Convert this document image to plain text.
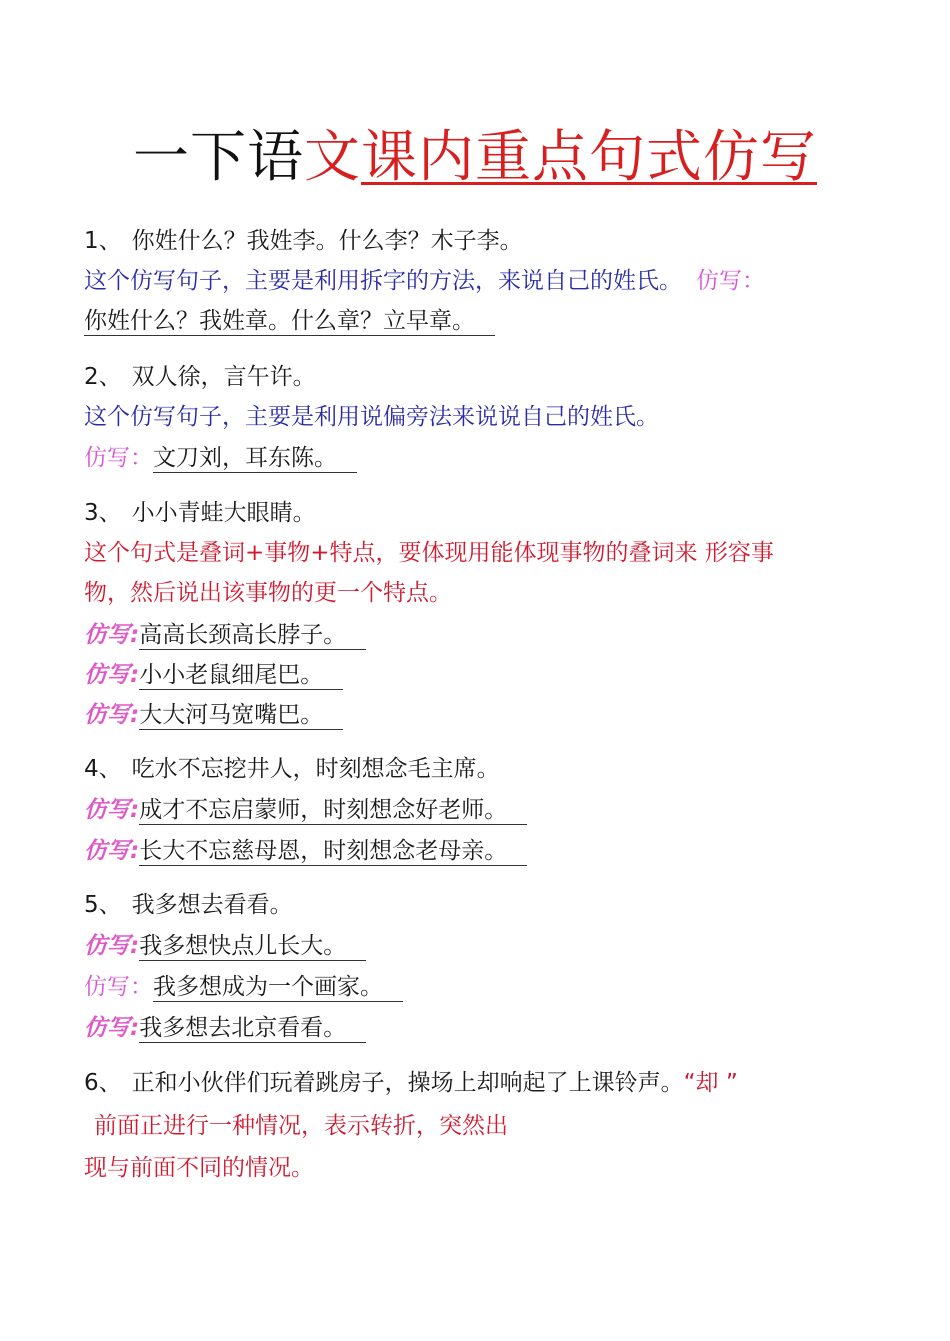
一下语文课内重点句式仿写
1、 你姓什么？我姓李。什么李？木子李。
这个仿写句子，主要是利用拆字的方法，来说自己的姓氏。 仿写：
你姓什么？我姓章。什么章？立早章。
2、 双人徐，言午许。
这个仿写句子，主要是利用说偏旁法来说说自己的姓氏。
仿写：文刀刘，耳东陈。
3、 小小青蛙大眼睛。
这个句式是叠词+事物+特点，要体现用能体现事物的叠词来 形容事
物，然后说出该事物的更一个特点。
仿写:高高长颈高长脖子。
仿写:小小老鼠细尾巴。
仿写:大大河马宽嘴巴。
4、 吃水不忘挖井人，时刻想念毛主席。
仿写:成才不忘启蒙师，时刻想念好老师。
仿写:长大不忘慈母恩，时刻想念老母亲。
5、 我多想去看看。
仿写:我多想快点儿长大。
仿写：我多想成为一个画家。
仿写:我多想去北京看看。
6、 正和小伙伴们玩着跳房子，操场上却响起了上课铃声。“却 ”
前面正进行一种情况，表示转折，突然出
现与前面不同的情况。
